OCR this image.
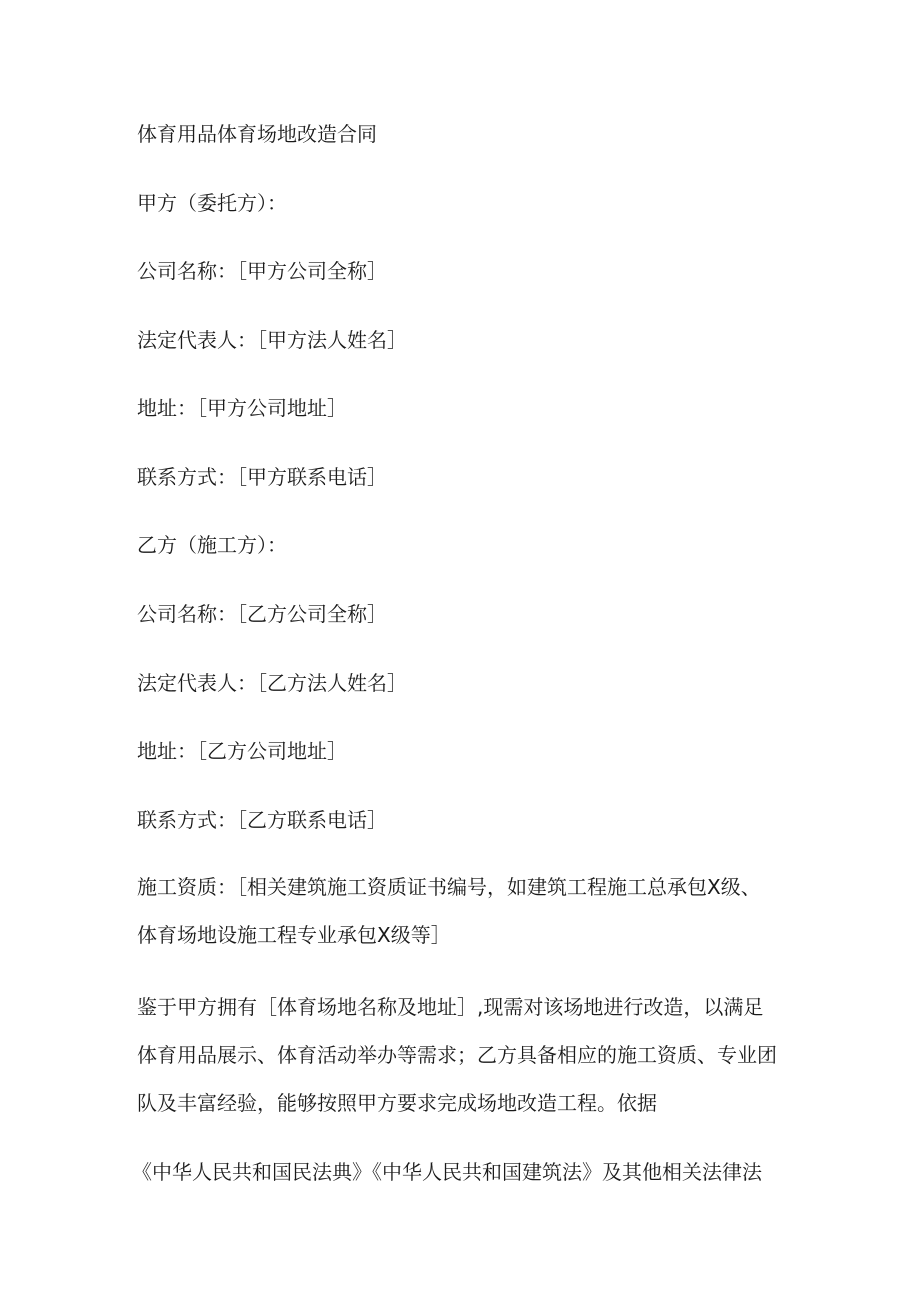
体育用品体育场地改造合同
甲方（委托方）：
公司名称：［甲方公司全称］
法定代表人：［甲方法人姓名］
地址：［甲方公司地址］
联系方式：［甲方联系电话］
乙方（施工方）：
公司名称：［乙方公司全称］
法定代表人：［乙方法人姓名］
地址：［乙方公司地址］
联系方式：［乙方联系电话］
施工资质：［相关建筑施工资质证书编号，如建筑工程施工总承包X级、
体育场地设施工程专业承包X级等］
鉴于甲方拥有［体育场地名称及地址］,现需对该场地进行改造，以满足
体育用品展示、体育活动举办等需求；乙方具备相应的施工资质、专业团
队及丰富经验，能够按照甲方要求完成场地改造工程。依据
《中华人民共和国民法典》《中华人民共和国建筑法》及其他相关法律法
